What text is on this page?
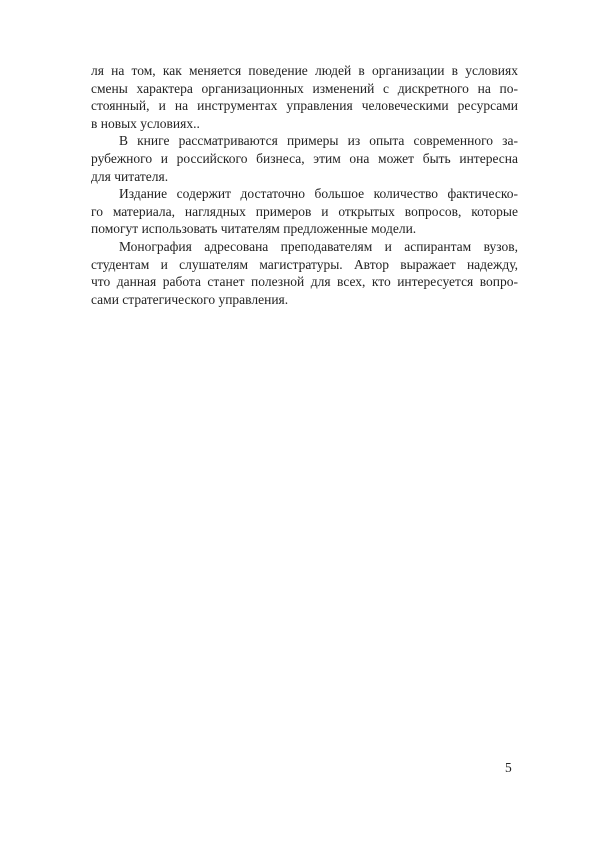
ля на том, как меняется поведение людей в организации в условиях
смены характера организационных изменений с дискретного на по-
стоянный, и на инструментах управления человеческими ресурсами
в новых условиях..
В книге рассматриваются примеры из опыта современного за-
рубежного и российского бизнеса, этим она может быть интересна
для читателя.
Издание содержит достаточно большое количество фактическо-
го материала, наглядных примеров и открытых вопросов, которые
помогут использовать читателям предложенные модели.
Монография адресована преподавателям и аспирантам вузов,
студентам и слушателям магистратуры. Автор выражает надежду,
что данная работа станет полезной для всех, кто интересуется вопро-
сами стратегического управления.
5
